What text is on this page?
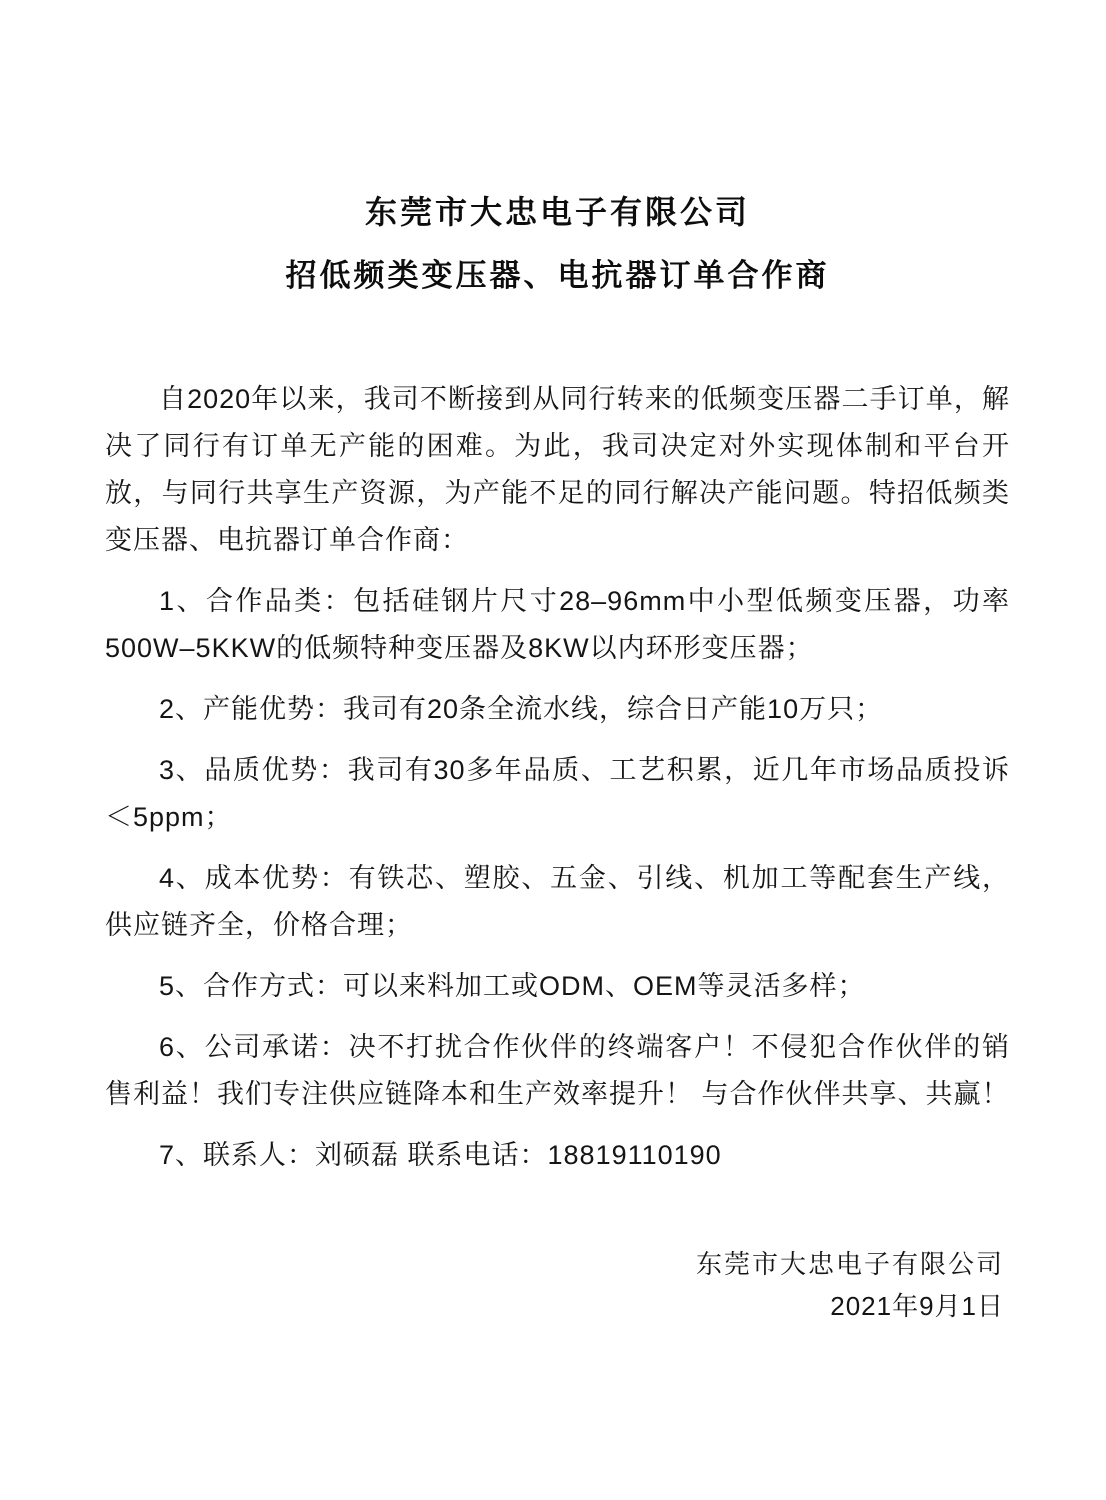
东莞市大忠电子有限公司
招低频类变压器、电抗器订单合作商

自2020年以来，我司不断接到从同行转来的低频变压器二手订单，解决了同行有订单无产能的困难。为此，我司决定对外实现体制和平台开放，与同行共享生产资源，为产能不足的同行解决产能问题。特招低频类变压器、电抗器订单合作商：

1、合作品类：包括硅钢片尺寸28–96mm中小型低频变压器，功率500W–5KKW的低频特种变压器及8KW以内环形变压器；

2、产能优势：我司有20条全流水线，综合日产能10万只；

3、品质优势：我司有30多年品质、工艺积累，近几年市场品质投诉＜5ppm；

4、成本优势：有铁芯、塑胶、五金、引线、机加工等配套生产线，供应链齐全，价格合理；

5、合作方式：可以来料加工或ODM、OEM等灵活多样；

6、公司承诺：决不打扰合作伙伴的终端客户！不侵犯合作伙伴的销售利益！我们专注供应链降本和生产效率提升！ 与合作伙伴共享、共赢！

7、联系人：刘硕磊 联系电话：18819110190

东莞市大忠电子有限公司
2021年9月1日
